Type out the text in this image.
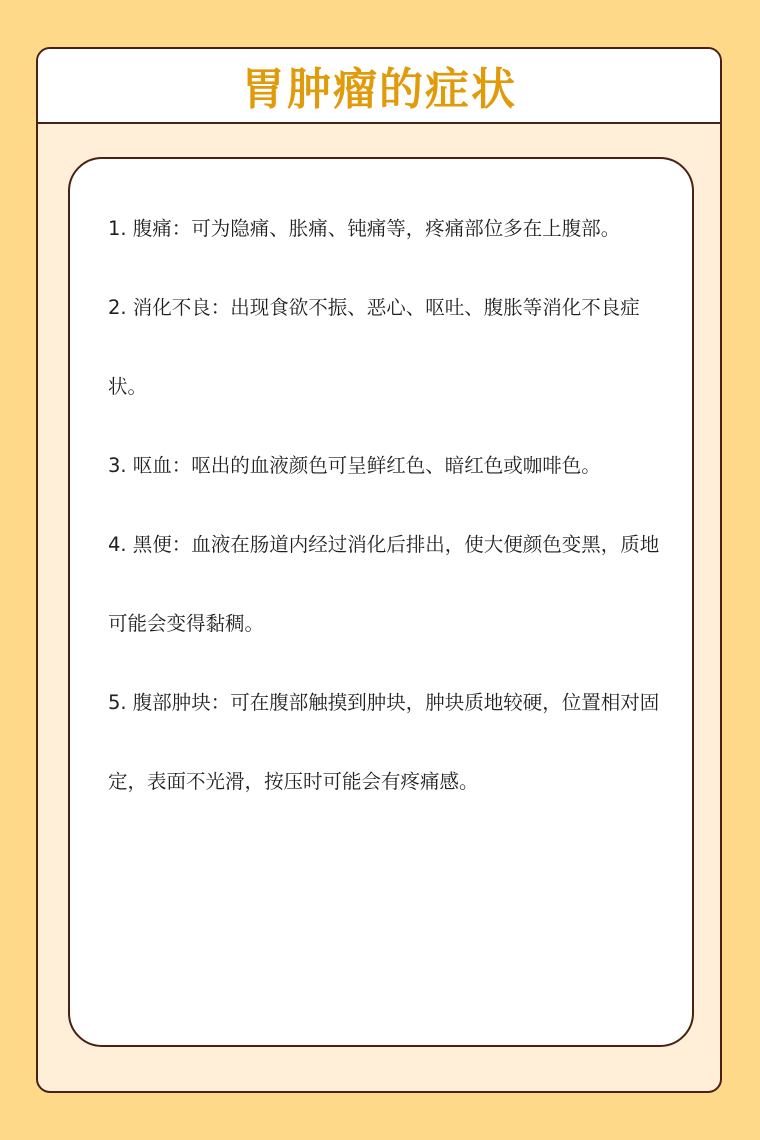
胃肿瘤的症状
1. 腹痛：可为隐痛、胀痛、钝痛等，疼痛部位多在上腹部。
2. 消化不良：出现食欲不振、恶心、呕吐、腹胀等消化不良症状。
3. 呕血：呕出的血液颜色可呈鲜红色、暗红色或咖啡色。
4. 黑便：血液在肠道内经过消化后排出，使大便颜色变黑，质地可能会变得黏稠。
5. 腹部肿块：可在腹部触摸到肿块，肿块质地较硬，位置相对固定，表面不光滑，按压时可能会有疼痛感。
